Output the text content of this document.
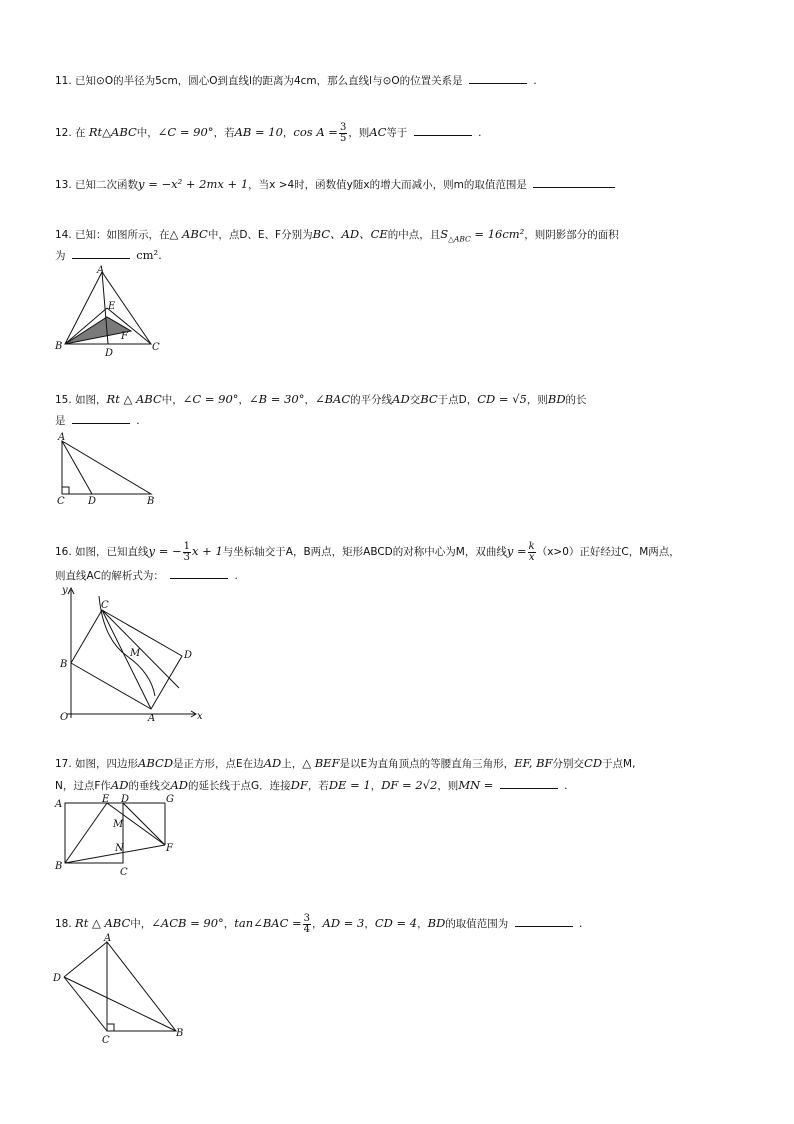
11. 已知⊙O的半径为5cm，圆心O到直线l的距离为4cm，那么直线l与⊙O的位置关系是	.
12. 在 Rt△ABC中，∠C = 90°，若AB = 10，$\cos A = \frac{3}{5}$ ，则AC等于	.
13. 已知二次函数y = −x² + 2mx + 1，当x >4时，函数值y随x的增大而减小，则m的取值范围是
14. 已知：如图所示，在△ ABC中，点D、E、F分别为BC、AD、CE的中点，且$S_{\triangle ABC} = 16cm^2$，则阴影部分的面积
为	cm².
A
B	C
D
E
F
15. 如图，Rt △ ABC中，∠C = 90°，∠B = 30°，∠BAC的平分线AD交BC于点D，CD = √5，则BD的长
是	.
A
C D	B
16. 如图，已知直线y = − $\frac{1}{3}$ x + 1与坐标轴交于A，B两点，矩形ABCD的对称中心为M，双曲线$y = \frac{k}{x} (x>0)$正好经过C，M两点，
则直线AC的解析式为：	.
y
x
O	A
B
C
D
M
17. 如图，四边形ABCD是正方形，点E在边AD上，△ BEF是以E为直角顶点的等腰直角三角形，EF, BF分别交CD于点M,
N，过点F作AD的垂线交AD的延长线于点G．连接DF，若DE = 1，DF = 2√2，则MN =	.
A	E D	G
M
N	F
B
C
18. Rt △ ABC中，∠ACB = 90°，tan∠BAC = $\frac{3}{4}$ ，AD = 3，CD = 4，BD的取值范围为	.
A
D
C
B
